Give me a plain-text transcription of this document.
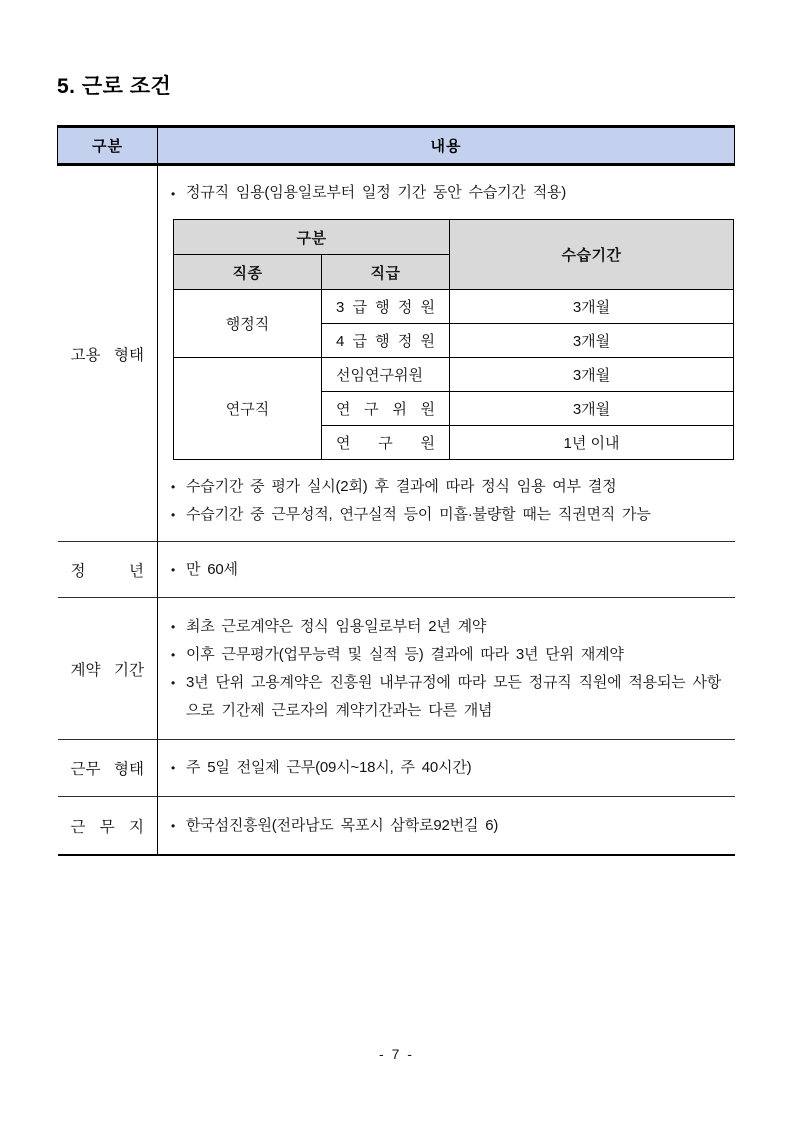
5. 근로 조건
구분	내용
고용 형태	
• 정규직 임용(임용일로부터 일정 기간 동안 수습기간 적용)
구분	수습기간
직종	직급
행정직	3 급 행 정 원	3개월
4 급 행 정 원	3개월
연구직	선임연구위원	3개월
연 구 위 원	3개월
연 구 원	1년 이내
• 수습기간 중 평가 실시(2회) 후 결과에 따라 정식 임용 여부 결정
• 수습기간 중 근무성적, 연구실적 등이 미흡·불량할 때는 직권면직 가능

정 년	• 만 60세

계약 기간	
• 최초 근로계약은 정식 임용일로부터 2년 계약
• 이후 근무평가(업무능력 및 실적 등) 결과에 따라 3년 단위 재계약
• 3년 단위 고용계약은 진흥원 내부규정에 따라 모든 정규직 직원에 적용되는 사항으로 기간제 근로자의 계약기간과는 다른 개념

근무 형태	• 주 5일 전일제 근무(09시~18시, 주 40시간)

근 무 지	• 한국섬진흥원(전라남도 목포시 삼학로92번길 6)
- 7 -
